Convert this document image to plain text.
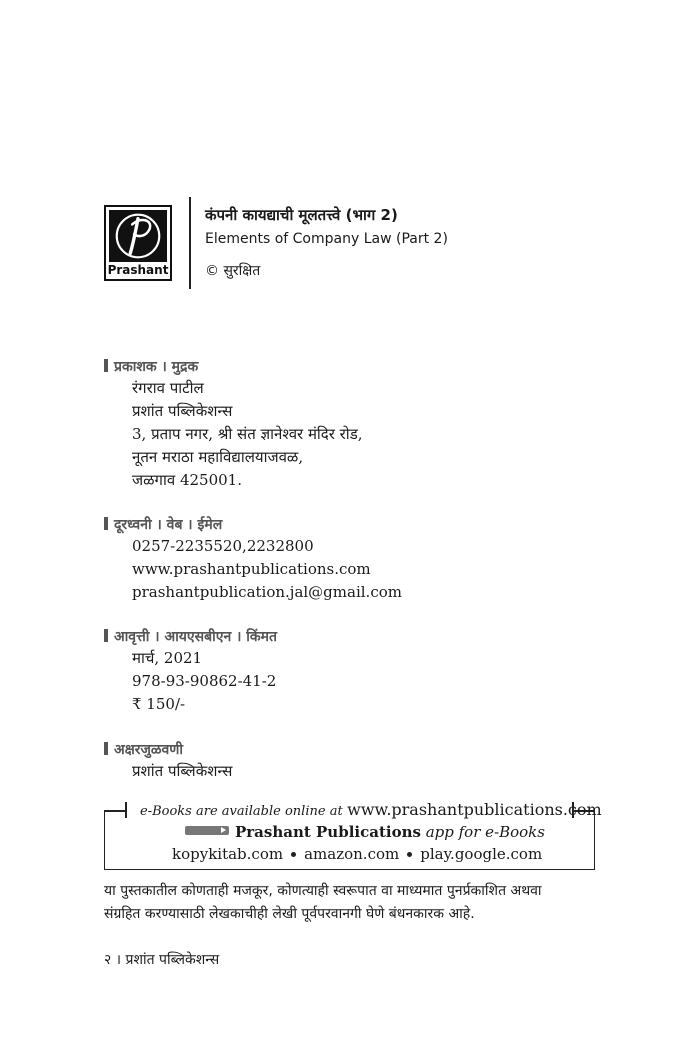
Prashant
कंपनी कायद्याची मूलतत्त्वे (भाग 2)
Elements of Company Law (Part 2)
© सुरक्षित
प्रकाशक । मुद्रक
रंगराव पाटील
प्रशांत पब्लिकेशन्स
3, प्रताप नगर, श्री संत ज्ञानेश्वर मंदिर रोड,
नूतन मराठा महाविद्यालयाजवळ,
जळगाव 425001.
दूरध्वनी । वेब । ईमेल
0257-2235520,2232800
www.prashantpublications.com
prashantpublication.jal@gmail.com
आवृत्ती । आयएसबीएन । किंमत
मार्च, 2021
978-93-90862-41-2
₹ 150/-
अक्षरजुळवणी
प्रशांत पब्लिकेशन्स
e-Books are available online at www.prashantpublications.com
Prashant Publications app for e-Books
kopykitab.com amazon.com play.google.com
या पुस्तकातील कोणताही मजकूर, कोणत्याही स्वरूपात वा माध्यमात पुनर्प्रकाशित अथवा
संग्रहित करण्यासाठी लेखकाचीही लेखी पूर्वपरवानगी घेणे बंधनकारक आहे.
२ । प्रशांत पब्लिकेशन्स
